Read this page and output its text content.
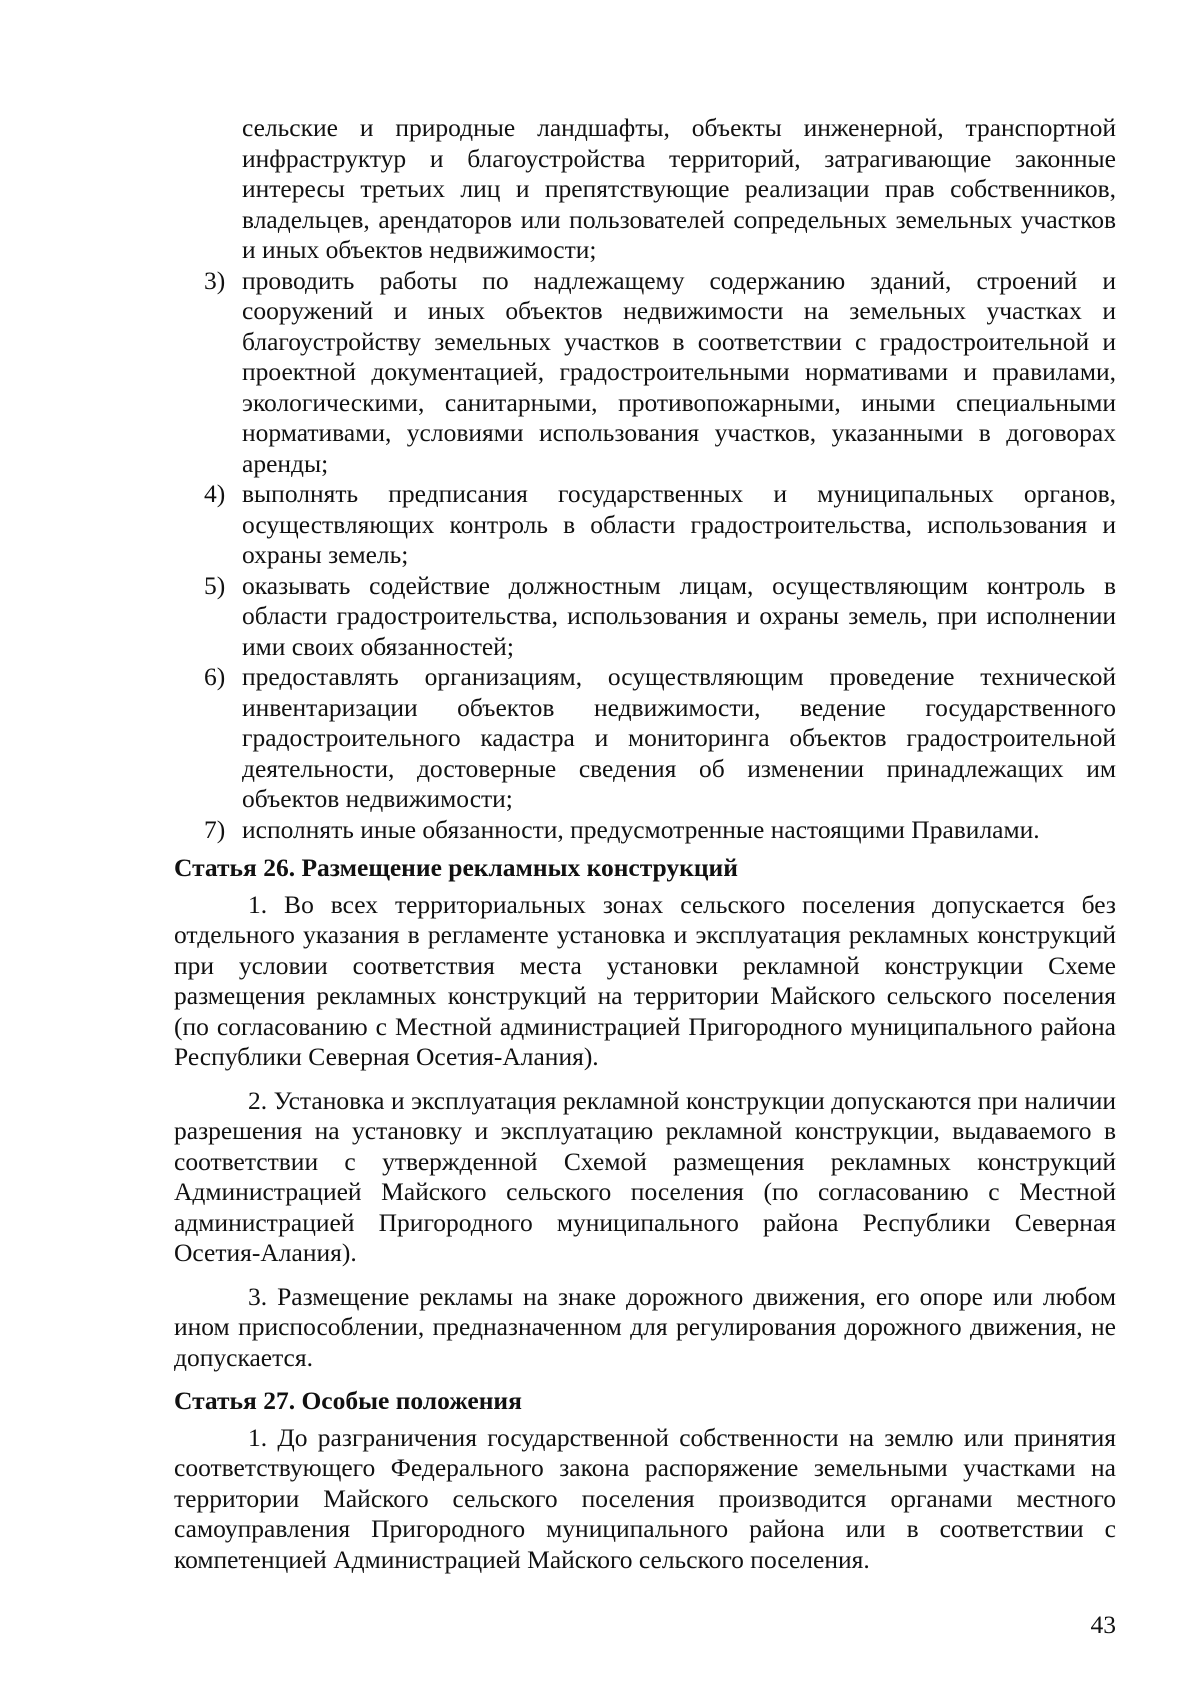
сельские и природные ландшафты, объекты инженерной, транспортной инфраструктур и благоустройства территорий, затрагивающие законные интересы третьих лиц и препятствующие реализации прав собственников, владельцев, арендаторов или пользователей сопредельных земельных участков и иных объектов недвижимости;

3) проводить работы по надлежащему содержанию зданий, строений и сооружений и иных объектов недвижимости на земельных участках и благоустройству земельных участков в соответствии с градостроительной и проектной документацией, градостроительными нормативами и правилами, экологическими, санитарными, противопожарными, иными специальными нормативами, условиями использования участков, указанными в договорах аренды;
4) выполнять предписания государственных и муниципальных органов, осуществляющих контроль в области градостроительства, использования и охраны земель;
5) оказывать содействие должностным лицам, осуществляющим контроль в области градостроительства, использования и охраны земель, при исполнении ими своих обязанностей;
6) предоставлять организациям, осуществляющим проведение технической инвентаризации объектов недвижимости, ведение государственного градостроительного кадастра и мониторинга объектов градостроительной деятельности, достоверные сведения об изменении принадлежащих им объектов недвижимости;
7) исполнять иные обязанности, предусмотренные настоящими Правилами.
Статья 26. Размещение рекламных конструкций

1. Во всех территориальных зонах сельского поселения допускается без отдельного указания в регламенте установка и эксплуатация рекламных конструкций при условии соответствия места установки рекламной конструкции Схеме размещения рекламных конструкций на территории Майского сельского поселения (по согласованию с Местной администрацией Пригородного муниципального района Республики Северная Осетия-Алания).

2. Установка и эксплуатация рекламной конструкции допускаются при наличии разрешения на установку и эксплуатацию рекламной конструкции, выдаваемого в соответствии с утвержденной Схемой размещения рекламных конструкций Администрацией Майского сельского поселения (по согласованию с Местной администрацией Пригородного муниципального района Республики Северная Осетия-Алания).

3. Размещение рекламы на знаке дорожного движения, его опоре или любом ином приспособлении, предназначенном для регулирования дорожного движения, не допускается.

Статья 27. Особые положения

1. До разграничения государственной собственности на землю или принятия соответствующего Федерального закона распоряжение земельными участками на территории Майского сельского поселения производится органами местного самоуправления Пригородного муниципального района или в соответствии с компетенцией Администрацией Майского сельского поселения.

43
